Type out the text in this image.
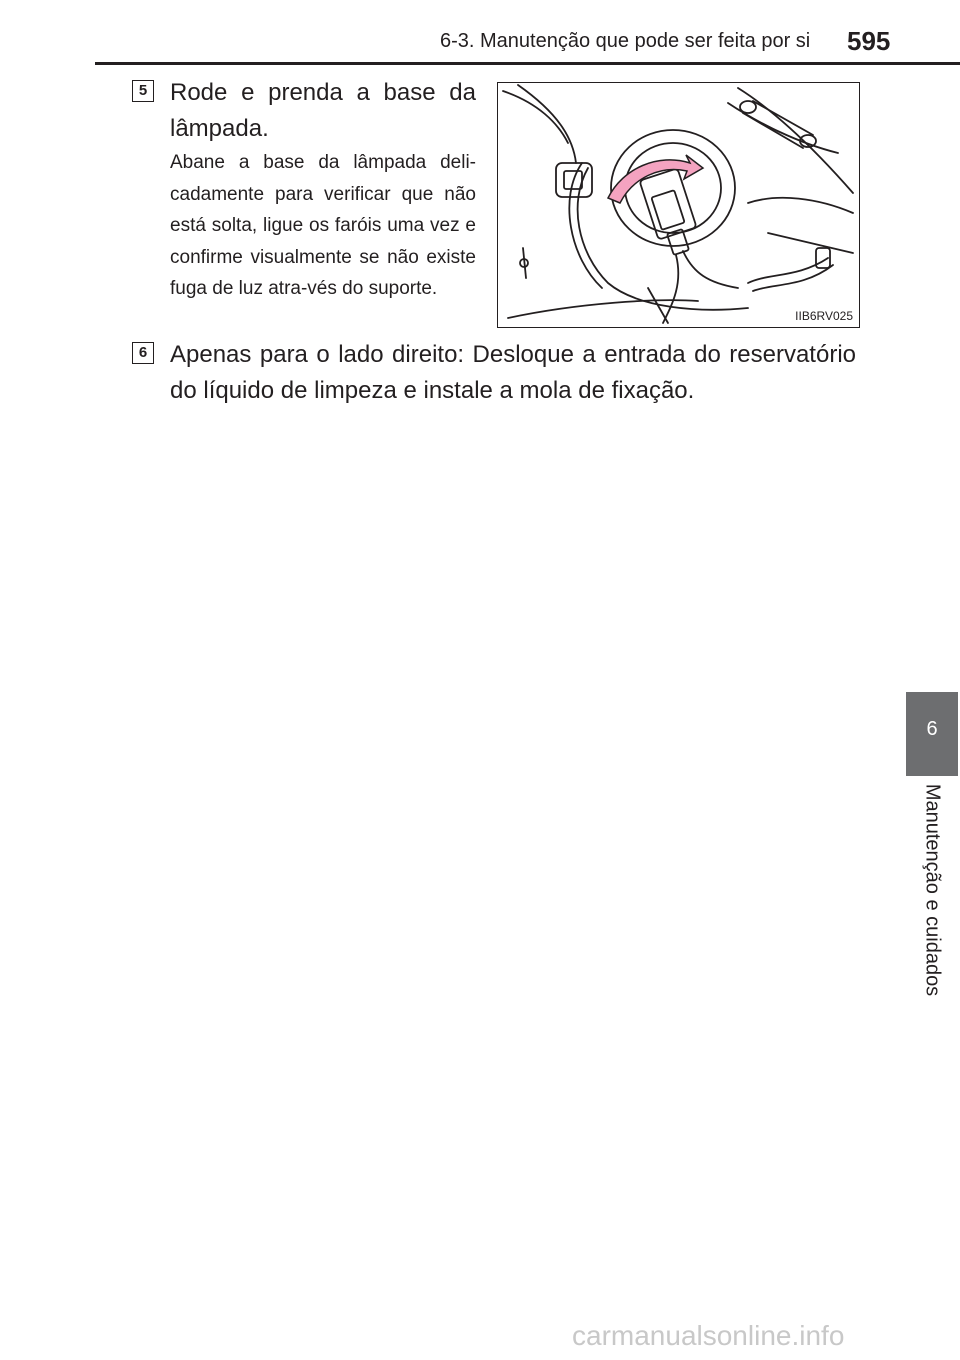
6-3. Manutenção que pode ser feita por si 595
5 Rode e prenda a base da lâmpada.
Abane a base da lâmpada deli-cadamente para verificar que não está solta, ligue os faróis uma vez e confirme visualmente se não existe fuga de luz atra-vés do suporte.
IIB6RV025
6 Apenas para o lado direito: Desloque a entrada do reservatório do líquido de limpeza e instale a mola de fixação.
6
Manutenção e cuidados
carmanualsonline.info
